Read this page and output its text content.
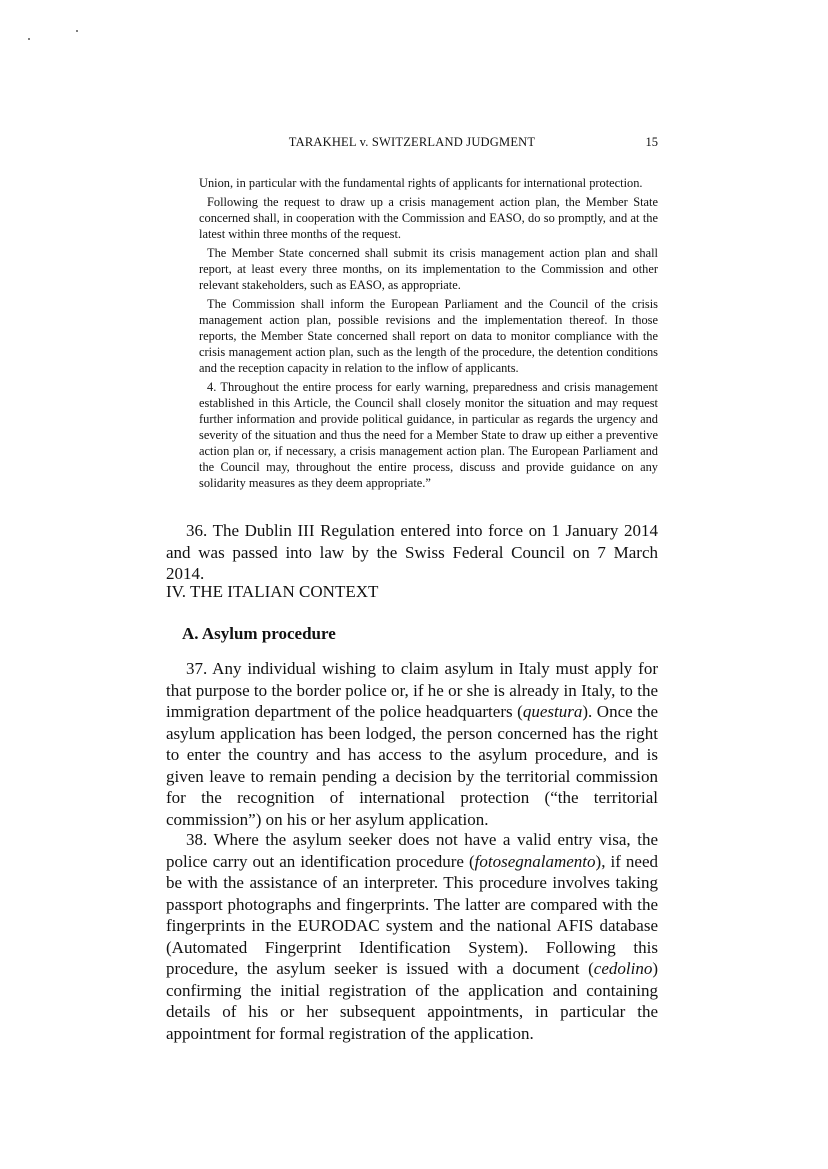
TARAKHEL v. SWITZERLAND JUDGMENT	15

Union, in particular with the fundamental rights of applicants for international protection.

Following the request to draw up a crisis management action plan, the Member State concerned shall, in cooperation with the Commission and EASO, do so promptly, and at the latest within three months of the request.

The Member State concerned shall submit its crisis management action plan and shall report, at least every three months, on its implementation to the Commission and other relevant stakeholders, such as EASO, as appropriate.

The Commission shall inform the European Parliament and the Council of the crisis management action plan, possible revisions and the implementation thereof. In those reports, the Member State concerned shall report on data to monitor compliance with the crisis management action plan, such as the length of the procedure, the detention conditions and the reception capacity in relation to the inflow of applicants.

4. Throughout the entire process for early warning, preparedness and crisis management established in this Article, the Council shall closely monitor the situation and may request further information and provide political guidance, in particular as regards the urgency and severity of the situation and thus the need for a Member State to draw up either a preventive action plan or, if necessary, a crisis management action plan. The European Parliament and the Council may, throughout the entire process, discuss and provide guidance on any solidarity measures as they deem appropriate.”

36. The Dublin III Regulation entered into force on 1 January 2014 and was passed into law by the Swiss Federal Council on 7 March 2014.

IV. THE ITALIAN CONTEXT
A. Asylum procedure

37. Any individual wishing to claim asylum in Italy must apply for that purpose to the border police or, if he or she is already in Italy, to the immigration department of the police headquarters (questura). Once the asylum application has been lodged, the person concerned has the right to enter the country and has access to the asylum procedure, and is given leave to remain pending a decision by the territorial commission for the recognition of international protection (“the territorial commission”) on his or her asylum application.

38. Where the asylum seeker does not have a valid entry visa, the police carry out an identification procedure (fotosegnalamento), if need be with the assistance of an interpreter. This procedure involves taking passport photographs and fingerprints. The latter are compared with the fingerprints in the EURODAC system and the national AFIS database (Automated Fingerprint Identification System). Following this procedure, the asylum seeker is issued with a document (cedolino) confirming the initial registration of the application and containing details of his or her subsequent appointments, in particular the appointment for formal registration of the application.
